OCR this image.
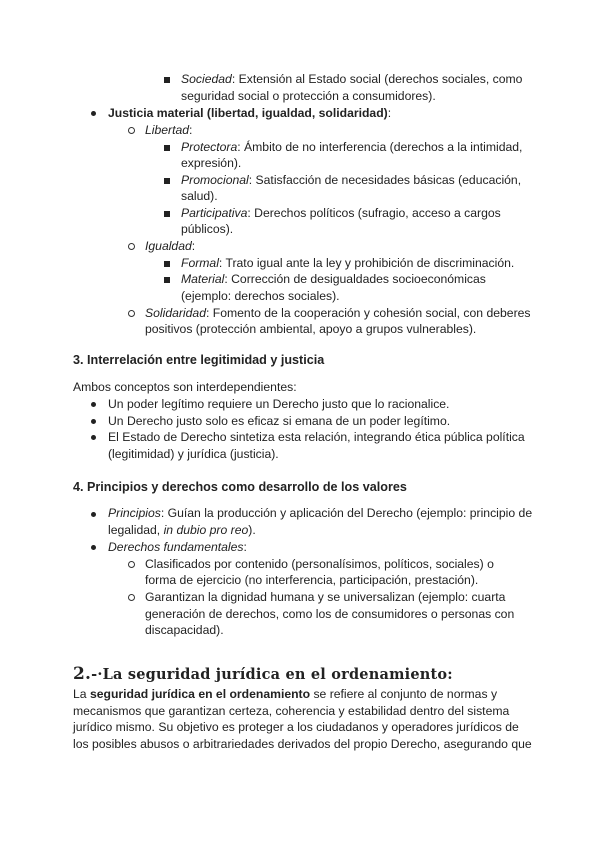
Sociedad: Extensión al Estado social (derechos sociales, como
seguridad social o protección a consumidores).
Justicia material (libertad, igualdad, solidaridad):
Libertad:
Protectora: Ámbito de no interferencia (derechos a la intimidad,
expresión).
Promocional: Satisfacción de necesidades básicas (educación,
salud).
Participativa: Derechos políticos (sufragio, acceso a cargos
públicos).
Igualdad:
Formal: Trato igual ante la ley y prohibición de discriminación.
Material: Corrección de desigualdades socioeconómicas
(ejemplo: derechos sociales).
Solidaridad: Fomento de la cooperación y cohesión social, con deberes
positivos (protección ambiental, apoyo a grupos vulnerables).
3. Interrelación entre legitimidad y justicia
Ambos conceptos son interdependientes:
Un poder legítimo requiere un Derecho justo que lo racionalice.
Un Derecho justo solo es eficaz si emana de un poder legítimo.
El Estado de Derecho sintetiza esta relación, integrando ética pública política
(legitimidad) y jurídica (justicia).
4. Principios y derechos como desarrollo de los valores
Principios: Guían la producción y aplicación del Derecho (ejemplo: principio de
legalidad, in dubio pro reo).
Derechos fundamentales:
Clasificados por contenido (personalísimos, políticos, sociales) o
forma de ejercicio (no interferencia, participación, prestación).
Garantizan la dignidad humana y se universalizan (ejemplo: cuarta
generación de derechos, como los de consumidores o personas con
discapacidad).
2.-·La seguridad jurídica en el ordenamiento:
La seguridad jurídica en el ordenamiento se refiere al conjunto de normas y
mecanismos que garantizan certeza, coherencia y estabilidad dentro del sistema
jurídico mismo. Su objetivo es proteger a los ciudadanos y operadores jurídicos de
los posibles abusos o arbitrariedades derivados del propio Derecho, asegurando que
